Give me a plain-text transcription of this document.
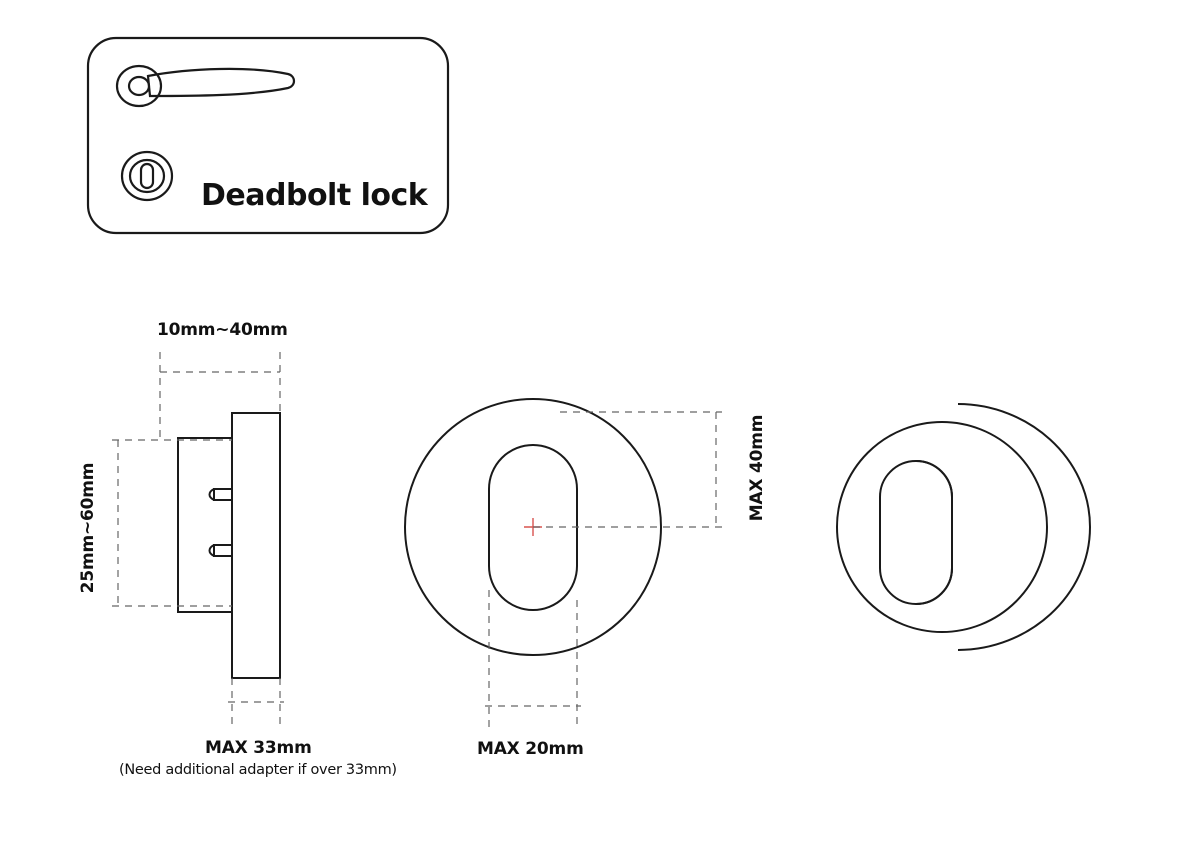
Deadbolt lock
10mm~40mm
25mm~60mm
MAX 33mm
(Need additional adapter if over 33mm)
MAX 20mm
MAX 40mm
